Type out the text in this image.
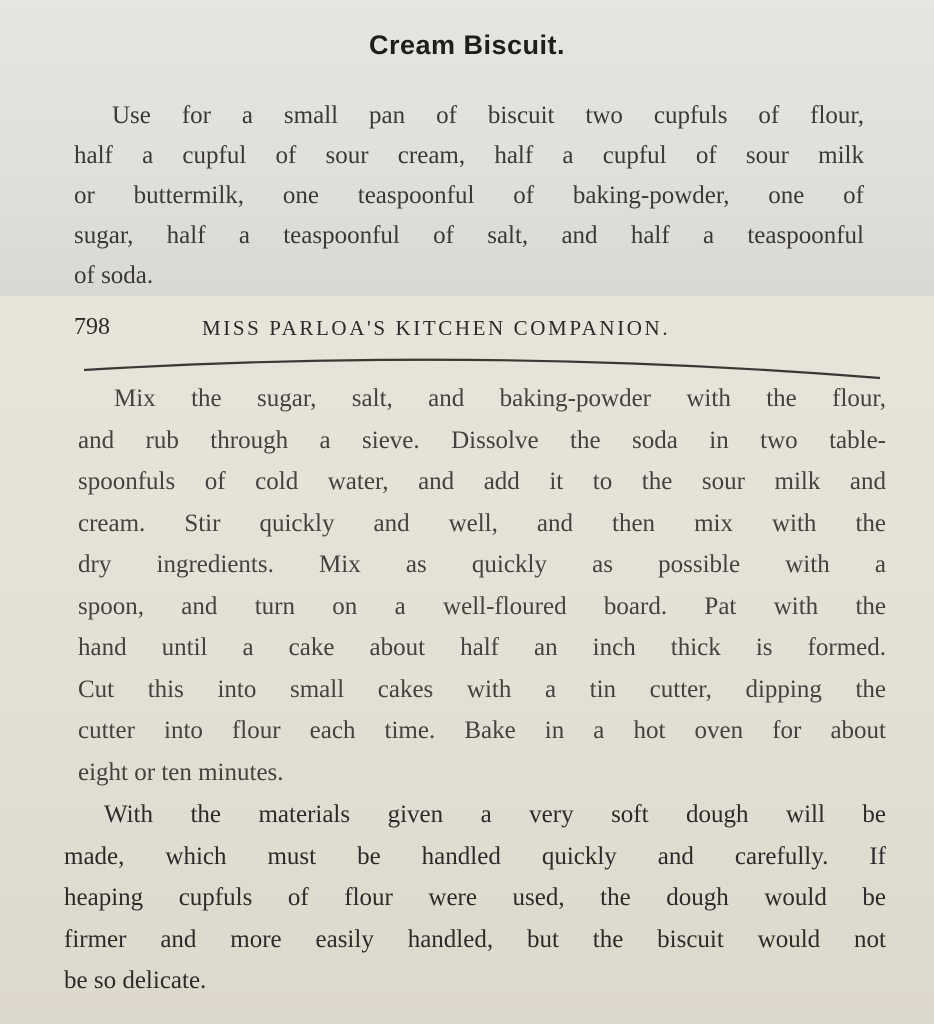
Cream Biscuit.
Use for a small pan of biscuit two cupfuls of flour,
half a cupful of sour cream, half a cupful of sour milk
or buttermilk, one teaspoonful of baking-powder, one of
sugar, half a teaspoonful of salt, and half a teaspoonful
of soda.
798	MISS PARLOA'S KITCHEN COMPANION.
Mix the sugar, salt, and baking-powder with the flour,
and rub through a sieve. Dissolve the soda in two table-
spoonfuls of cold water, and add it to the sour milk and
cream. Stir quickly and well, and then mix with the
dry ingredients. Mix as quickly as possible with a
spoon, and turn on a well-floured board. Pat with the
hand until a cake about half an inch thick is formed.
Cut this into small cakes with a tin cutter, dipping the
cutter into flour each time. Bake in a hot oven for about
eight or ten minutes.
With the materials given a very soft dough will be
made, which must be handled quickly and carefully. If
heaping cupfuls of flour were used, the dough would be
firmer and more easily handled, but the biscuit would not
be so delicate.
